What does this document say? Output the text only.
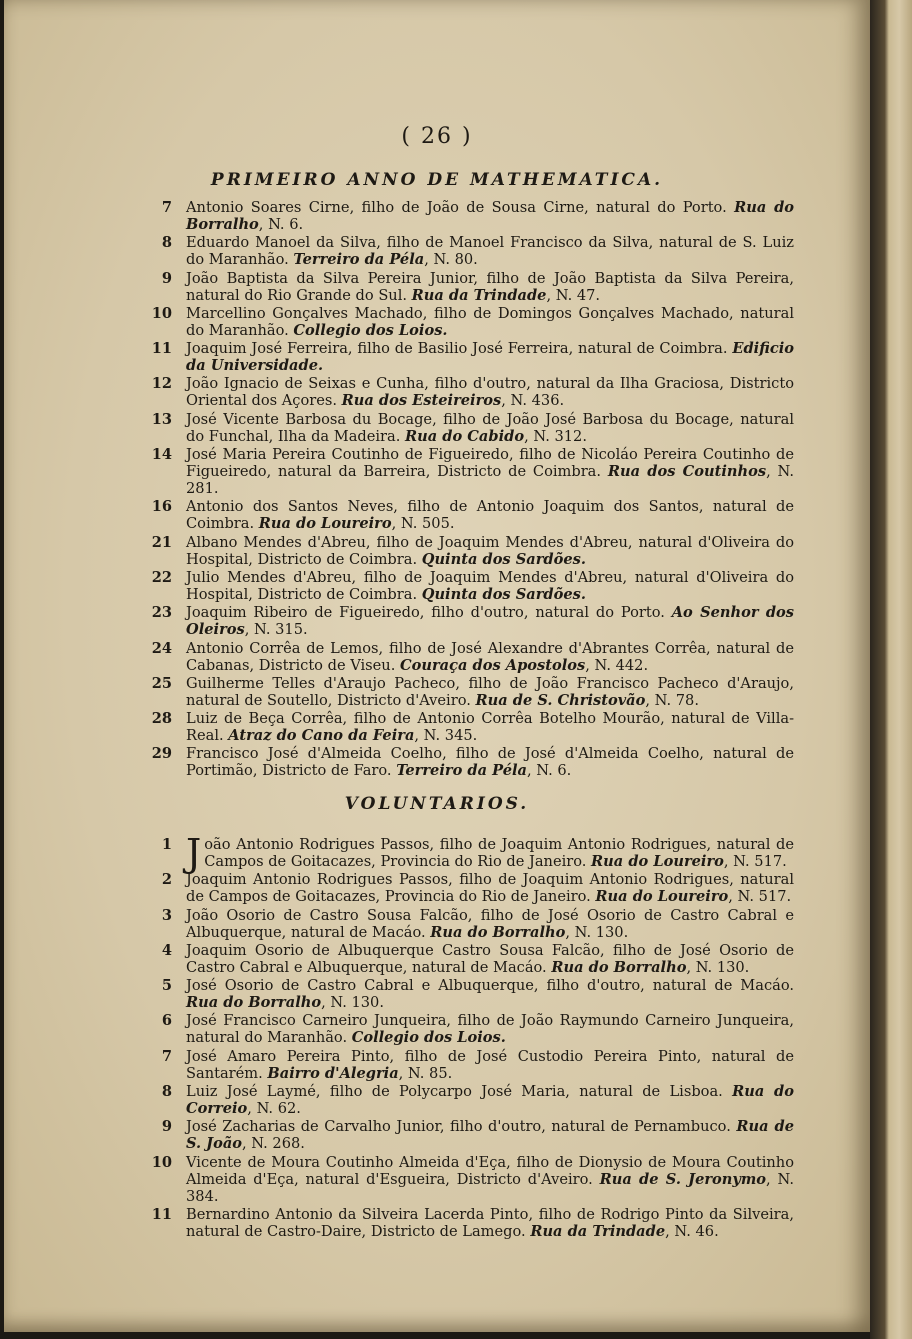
( 26 )
PRIMEIRO ANNO DE MATHEMATICA.
7 Antonio Soares Cirne, filho de João de Sousa Cirne, natural do Porto. Rua do Borralho, N. 6.
8 Eduardo Manoel da Silva, filho de Manoel Francisco da Silva, natural de S. Luiz do Maranhão. Terreiro da Péla, N. 80.
9 João Baptista da Silva Pereira Junior, filho de João Baptista da Silva Pereira, natural do Rio Grande do Sul. Rua da Trindade, N. 47.
10 Marcellino Gonçalves Machado, filho de Domingos Gonçalves Machado, natural do Maranhão. Collegio dos Loios.
11 Joaquim José Ferreira, filho de Basilio José Ferreira, natural de Coimbra. Edificio da Universidade.
12 João Ignacio de Seixas e Cunha, filho d'outro, natural da Ilha Graciosa, Districto Oriental dos Açores. Rua dos Esteireiros, N. 436.
13 José Vicente Barbosa du Bocage, filho de João José Barbosa du Bocage, natural do Funchal, Ilha da Madeira. Rua do Cabido, N. 312.
14 José Maria Pereira Coutinho de Figueiredo, filho de Nicoláo Pereira Coutinho de Figueiredo, natural da Barreira, Districto de Coimbra. Rua dos Coutinhos, N. 281.
16 Antonio dos Santos Neves, filho de Antonio Joaquim dos Santos, natural de Coimbra. Rua do Loureiro, N. 505.
21 Albano Mendes d'Abreu, filho de Joaquim Mendes d'Abreu, natural d'Oliveira do Hospital, Districto de Coimbra. Quinta dos Sardões.
22 Julio Mendes d'Abreu, filho de Joaquim Mendes d'Abreu, natural d'Oliveira do Hospital, Districto de Coimbra. Quinta dos Sardões.
23 Joaquim Ribeiro de Figueiredo, filho d'outro, natural do Porto. Ao Senhor dos Oleiros, N. 315.
24 Antonio Corrêa de Lemos, filho de José Alexandre d'Abrantes Corrêa, natural de Cabanas, Districto de Viseu. Couraça dos Apostolos, N. 442.
25 Guilherme Telles d'Araujo Pacheco, filho de João Francisco Pacheco d'Araujo, natural de Soutello, Districto d'Aveiro. Rua de S. Christovão, N. 78.
28 Luiz de Beça Corrêa, filho de Antonio Corrêa Botelho Mourão, natural de Villa-Real. Atraz do Cano da Feira, N. 345.
29 Francisco José d'Almeida Coelho, filho de José d'Almeida Coelho, natural de Portimão, Districto de Faro. Terreiro da Péla, N. 6.
VOLUNTARIOS.
1 J oão Antonio Rodrigues Passos, filho de Joaquim Antonio Rodrigues, natural de Campos de Goitacazes, Provincia do Rio de Janeiro. Rua do Loureiro, N. 517.
2 Joaquim Antonio Rodrigues Passos, filho de Joaquim Antonio Rodrigues, natural de Campos de Goitacazes, Provincia do Rio de Janeiro. Rua do Loureiro, N. 517.
3 João Osorio de Castro Sousa Falcão, filho de José Osorio de Castro Cabral e Albuquerque, natural de Macáo. Rua do Borralho, N. 130.
4 Joaquim Osorio de Albuquerque Castro Sousa Falcão, filho de José Osorio de Castro Cabral e Albuquerque, natural de Macáo. Rua do Borralho, N. 130.
5 José Osorio de Castro Cabral e Albuquerque, filho d'outro, natural de Macáo. Rua do Borralho, N. 130.
6 José Francisco Carneiro Junqueira, filho de João Raymundo Carneiro Junqueira, natural do Maranhão. Collegio dos Loios.
7 José Amaro Pereira Pinto, filho de José Custodio Pereira Pinto, natural de Santarém. Bairro d'Alegria, N. 85.
8 Luiz José Laymé, filho de Polycarpo José Maria, natural de Lisboa. Rua do Correio, N. 62.
9 José Zacharias de Carvalho Junior, filho d'outro, natural de Pernambuco. Rua de S. João, N. 268.
10 Vicente de Moura Coutinho Almeida d'Eça, filho de Dionysio de Moura Coutinho Almeida d'Eça, natural d'Esgueira, Districto d'Aveiro. Rua de S. Jeronymo, N. 384.
11 Bernardino Antonio da Silveira Lacerda Pinto, filho de Rodrigo Pinto da Silveira, natural de Castro-Daire, Districto de Lamego. Rua da Trindade, N. 46.
